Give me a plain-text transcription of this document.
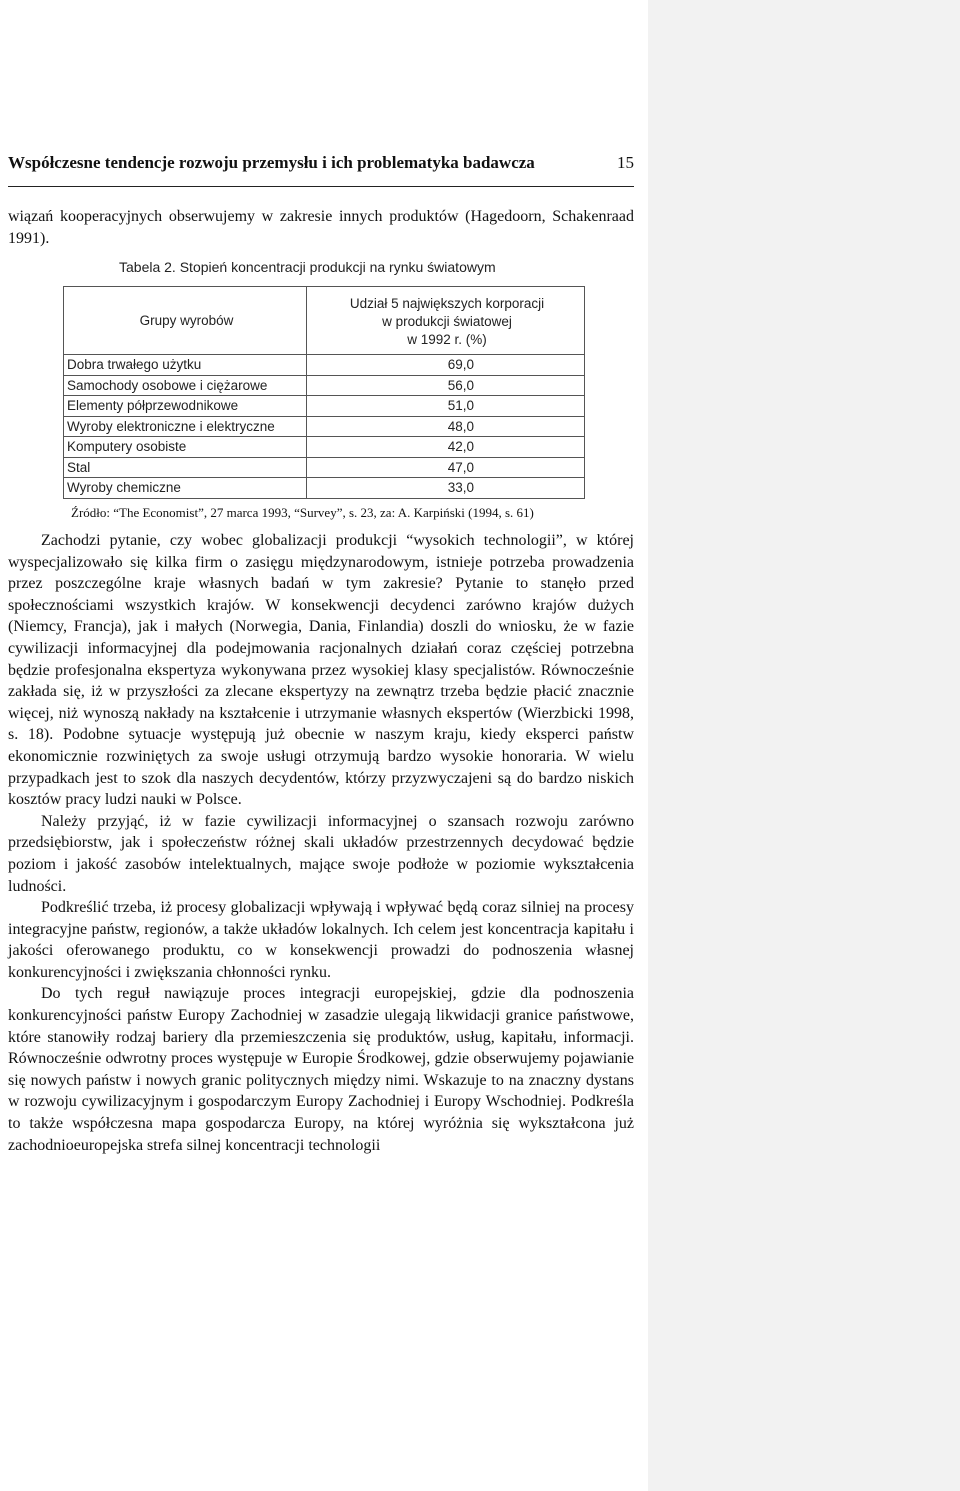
Współczesne tendencje rozwoju przemysłu i ich problematyka badawcza	15
wiązań kooperacyjnych obserwujemy w zakresie innych produktów (Hagedoorn, Schakenraad 1991).
Tabela 2. Stopień koncentracji produkcji na rynku światowym
Grupy wyrobów	Udział 5 największych korporacji
w produkcji światowej
w 1992 r. (%)
Dobra trwałego użytku	69,0
Samochody osobowe i ciężarowe	56,0
Elementy półprzewodnikowe	51,0
Wyroby elektroniczne i elektryczne	48,0
Komputery osobiste	42,0
Stal	47,0
Wyroby chemiczne	33,0
Źródło: “The Economist”, 27 marca 1993, “Survey”, s. 23, za: A. Karpiński (1994, s. 61)

Zachodzi pytanie, czy wobec globalizacji produkcji “wysokich technologii”, w której wyspecjalizowało się kilka firm o zasięgu międzynarodowym, istnieje potrzeba prowadzenia przez poszczególne kraje własnych badań w tym zakresie? Pytanie to stanęło przed społecznościami wszystkich krajów. W konsekwencji decydenci zarówno krajów dużych (Niemcy, Francja), jak i małych (Norwegia, Dania, Finlandia) doszli do wniosku, że w fazie cywilizacji informacyjnej dla podejmowania racjonalnych działań coraz częściej potrzebna będzie profesjonalna ekspertyza wykonywana przez wysokiej klasy specjalistów. Równocześnie zakłada się, iż w przyszłości za zlecane ekspertyzy na zewnątrz trzeba będzie płacić znacznie więcej, niż wynoszą nakłady na kształcenie i utrzymanie własnych ekspertów (Wierzbicki 1998, s. 18). Podobne sytuacje występują już obecnie w naszym kraju, kiedy eksperci państw ekonomicznie rozwiniętych za swoje usługi otrzymują bardzo wysokie honoraria. W wielu przypadkach jest to szok dla naszych decydentów, którzy przyzwyczajeni są do bardzo niskich kosztów pracy ludzi nauki w Polsce.

Należy przyjąć, iż w fazie cywilizacji informacyjnej o szansach rozwoju zarówno przedsiębiorstw, jak i społeczeństw różnej skali układów przestrzennych decydować będzie poziom i jakość zasobów intelektualnych, mające swoje podłoże w poziomie wykształcenia ludności.

Podkreślić trzeba, iż procesy globalizacji wpływają i wpływać będą coraz silniej na procesy integracyjne państw, regionów, a także układów lokalnych. Ich celem jest koncentracja kapitału i jakości oferowanego produktu, co w konsekwencji prowadzi do podnoszenia własnej konkurencyjności i zwiększania chłonności rynku.

Do tych reguł nawiązuje proces integracji europejskiej, gdzie dla podnoszenia konkurencyjności państw Europy Zachodniej w zasadzie ulegają likwidacji granice państwowe, które stanowiły rodzaj bariery dla przemieszczenia się produktów, usług, kapitału, informacji. Równocześnie odwrotny proces występuje w Europie Środkowej, gdzie obserwujemy pojawianie się nowych państw i nowych granic politycznych między nimi. Wskazuje to na znaczny dystans w rozwoju cywilizacyjnym i gospodarczym Europy Zachodniej i Europy Wschodniej. Podkreśla to także współczesna mapa gospodarcza Europy, na której wyróżnia się wykształcona już zachodnioeuropejska strefa silnej koncentracji technologii
